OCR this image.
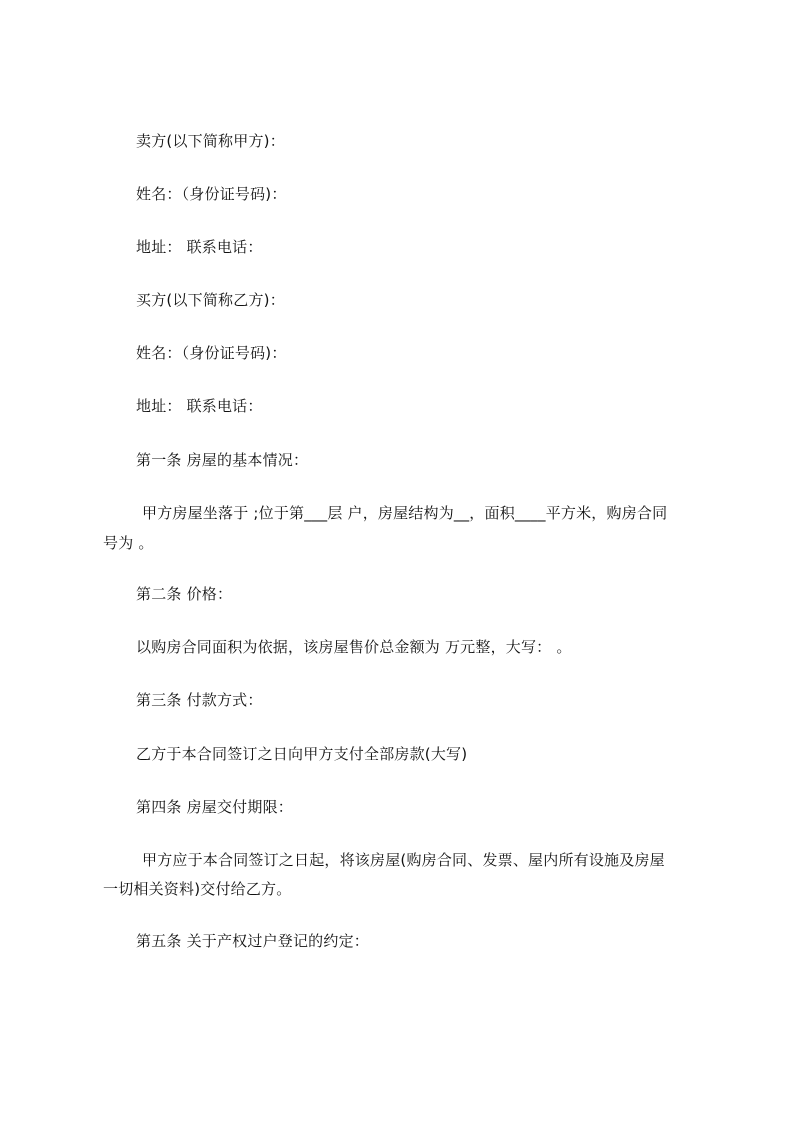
卖方(以下简称甲方)：
姓名：（身份证号码)：
地址： 联系电话：
买方(以下简称乙方)：
姓名：（身份证号码)：
地址： 联系电话：
第一条 房屋的基本情况：
甲方房屋坐落于 ;位于第___层 户，房屋结构为__，面积____平方米，购房合同
号为 。
第二条 价格：
以购房合同面积为依据，该房屋售价总金额为 万元整，大写： 。
第三条 付款方式：
乙方于本合同签订之日向甲方支付全部房款(大写)
第四条 房屋交付期限：
甲方应于本合同签订之日起，将该房屋(购房合同、发票、屋内所有设施及房屋
一切相关资料)交付给乙方。
第五条 关于产权过户登记的约定：
